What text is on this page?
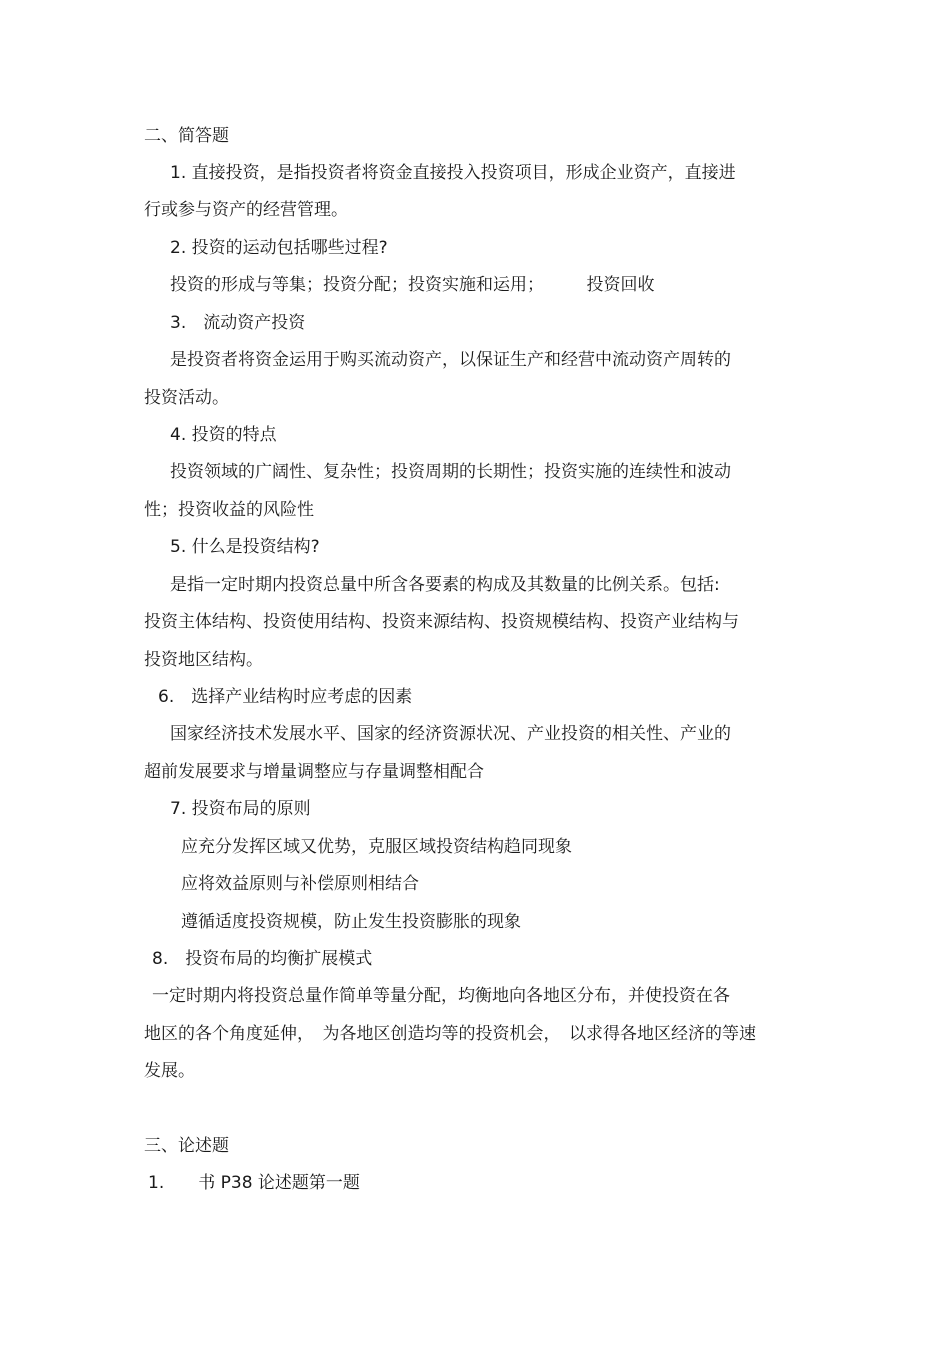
二、简答题
1. 直接投资，是指投资者将资金直接投入投资项目，形成企业资产，直接进
行或参与资产的经营管理。
2. 投资的运动包括哪些过程?
投资的形成与等集；投资分配；投资实施和运用；　　　投资回收
3.　流动资产投资
是投资者将资金运用于购买流动资产，以保证生产和经营中流动资产周转的
投资活动。
4. 投资的特点
投资领域的广阔性、复杂性；投资周期的长期性；投资实施的连续性和波动
性；投资收益的风险性
5. 什么是投资结构?
是指一定时期内投资总量中所含各要素的构成及其数量的比例关系。包括:
投资主体结构、投资使用结构、投资来源结构、投资规模结构、投资产业结构与
投资地区结构。
6.　选择产业结构时应考虑的因素
国家经济技术发展水平、国家的经济资源状况、产业投资的相关性、产业的
超前发展要求与增量调整应与存量调整相配合
7. 投资布局的原则
应充分发挥区域又优势，克服区域投资结构趋同现象
应将效益原则与补偿原则相结合
遵循适度投资规模，防止发生投资膨胀的现象
8.　投资布局的均衡扩展模式
一定时期内将投资总量作简单等量分配，均衡地向各地区分布，并使投资在各
地区的各个角度延伸，　为各地区创造均等的投资机会，　以求得各地区经济的等速
发展。
三、论述题
1.　　书 P38 论述题第一题
